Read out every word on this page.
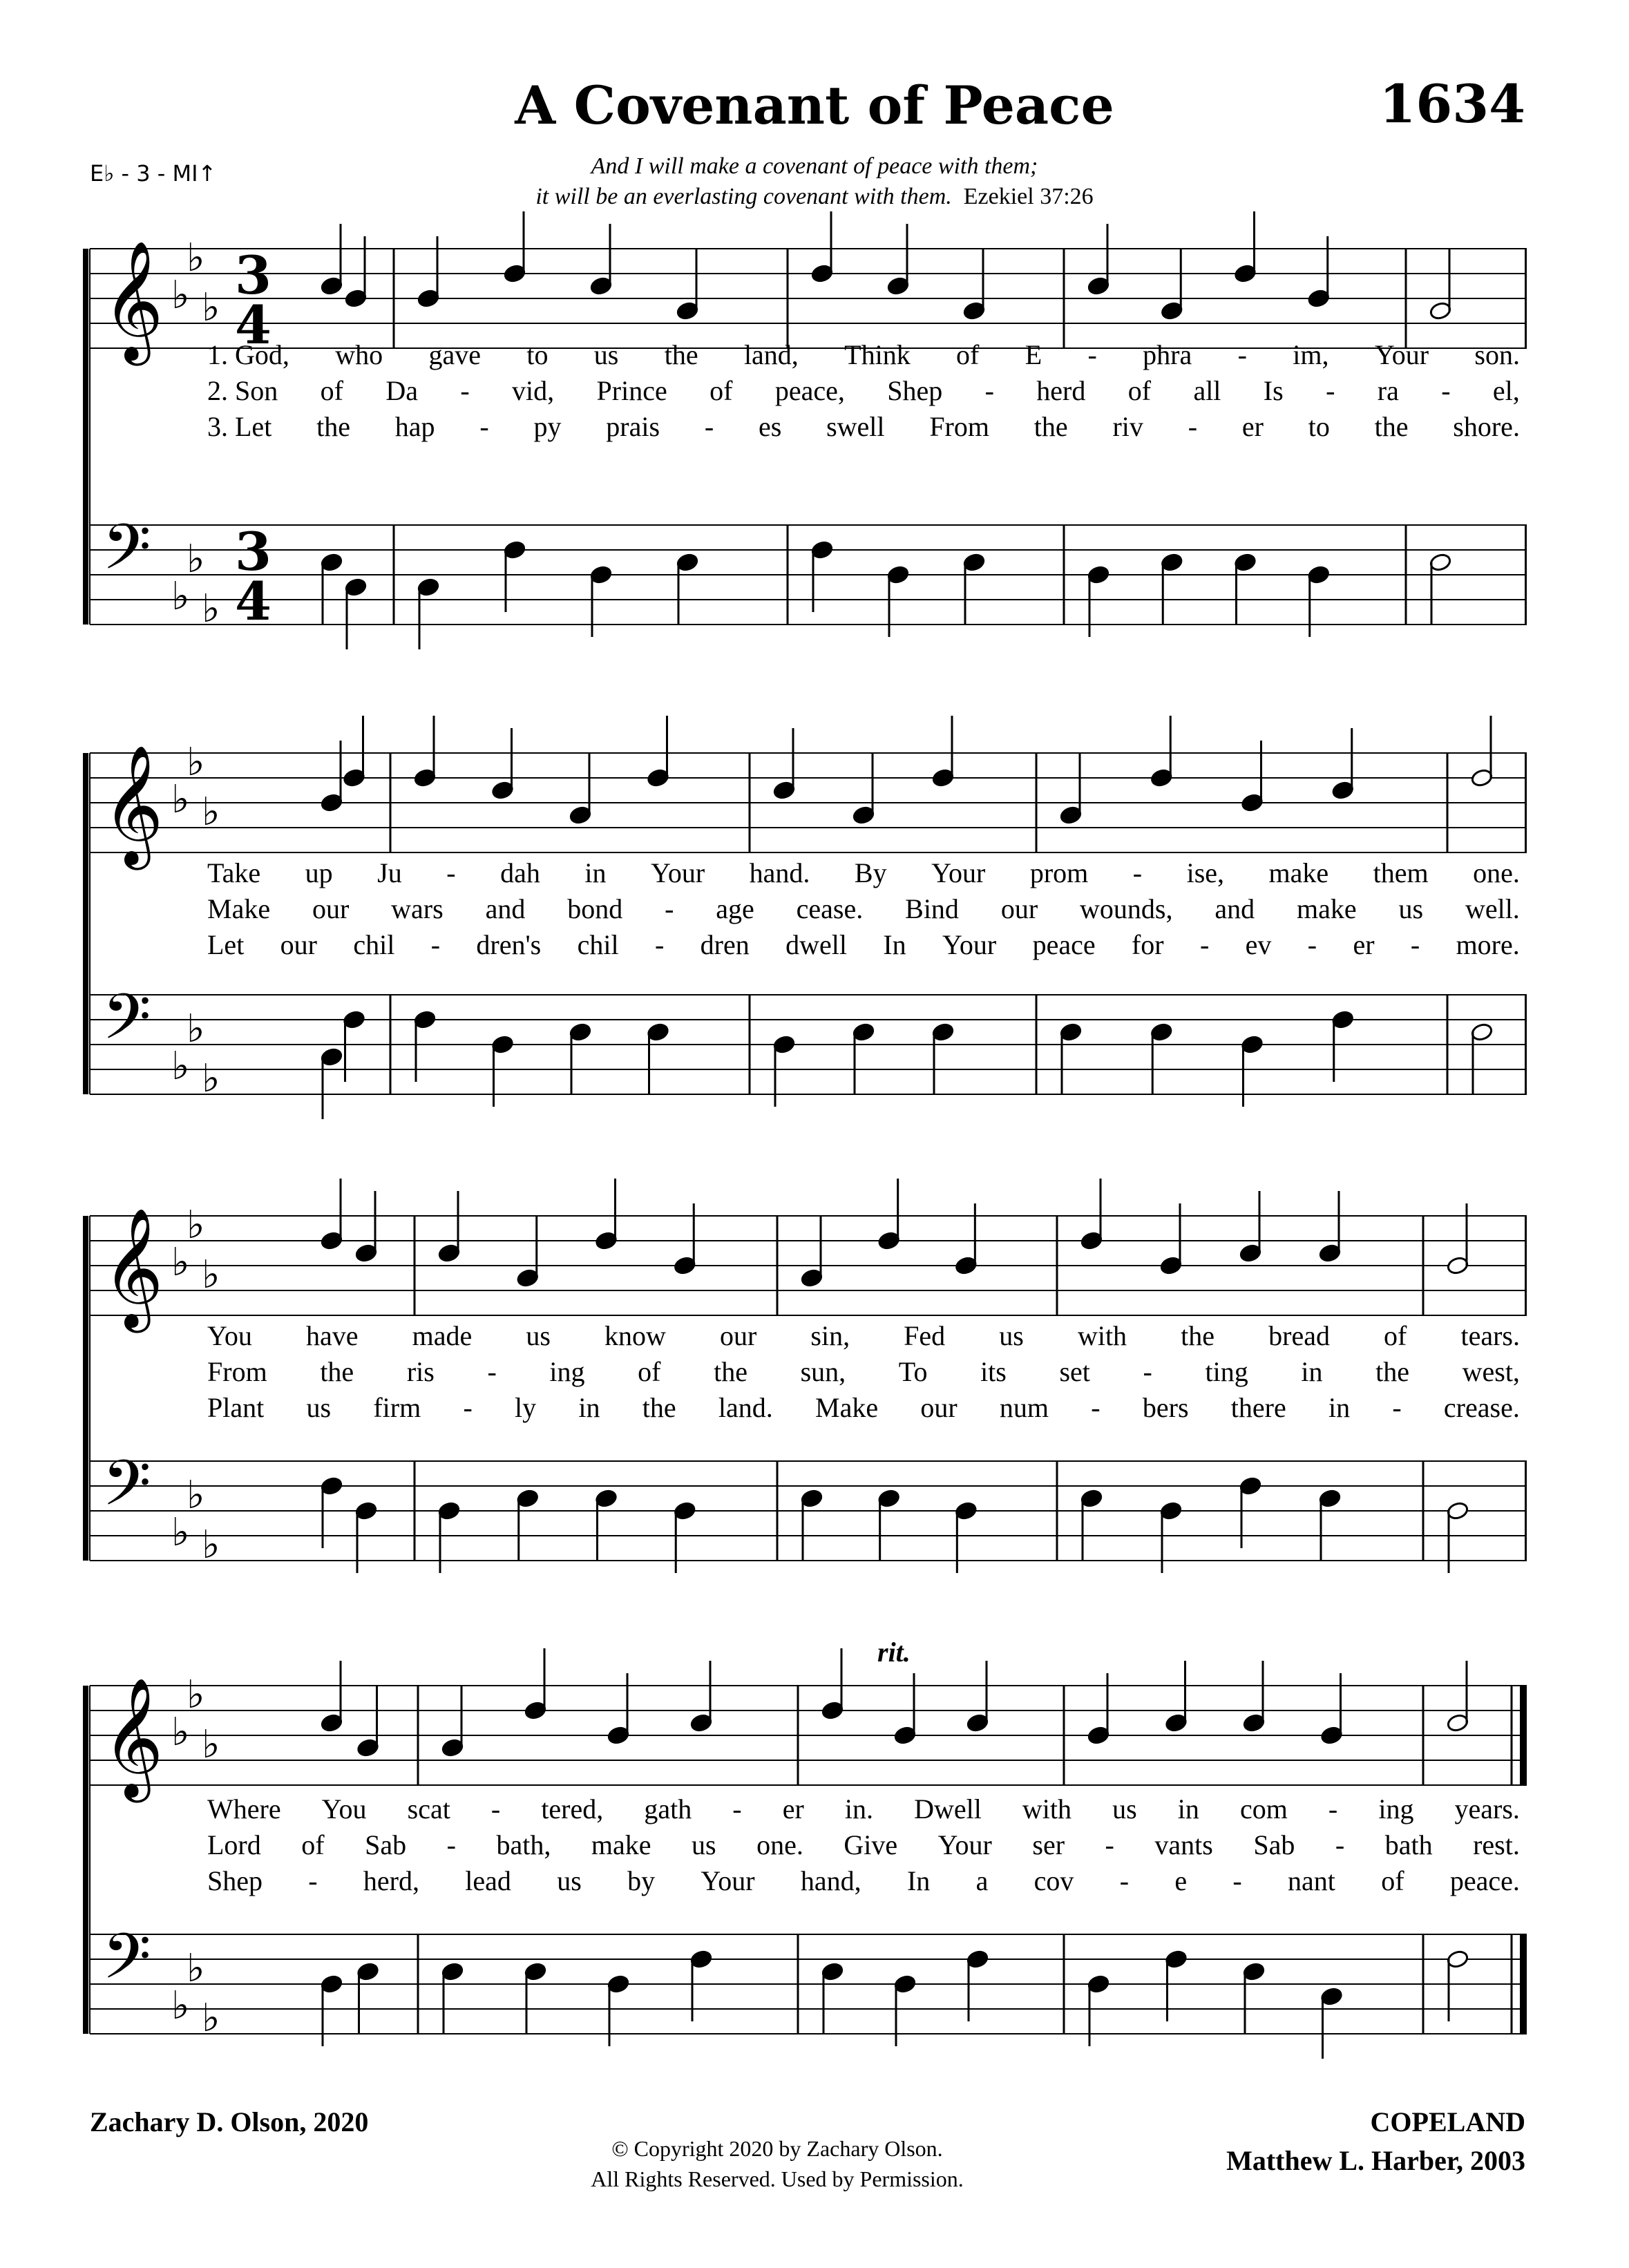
A Covenant of Peace	1634
E♭ - 3 - MI↑	And I will make a covenant of peace with them;
it will be an everlasting covenant with them. Ezekiel 37:26
𝄞 ♭
♭
♭
3
4
𝄢 ♭
♭
♭
3
4
𝄞 ♭
♭
♭
𝄢 ♭
♭
♭
𝄞 ♭
♭
♭
𝄢 ♭
♭
♭
𝄞 ♭
♭
♭
𝄢 ♭
♭
♭
rit.
1. God, who gave to us the land, Think of E - phra - im, Your son.
2. Son of Da - vid, Prince of peace, Shep - herd of all Is - ra - el,
3. Let the hap - py prais - es swell From the riv - er to the shore.
Take up Ju - dah in Your hand. By Your prom - ise, make them one.
Make our wars and bond - age cease. Bind our wounds, and make us well.
Let our chil - dren's chil - dren dwell In Your peace for - ev - er - more.
You have made us know our sin, Fed us with the bread of tears.
From the ris - ing of the sun, To its set - ting in the west,
Plant us firm - ly in the land. Make our num - bers there in - crease.
Where You scat - tered, gath - er in. Dwell with us in com - ing years.
Lord of Sab - bath, make us one. Give Your ser - vants Sab - bath rest.
Shep - herd, lead us by Your hand, In a cov - e - nant of peace.
Zachary D. Olson, 2020	COPELAND
Matthew L. Harber, 2003
© Copyright 2020 by Zachary Olson.
All Rights Reserved. Used by Permission.
